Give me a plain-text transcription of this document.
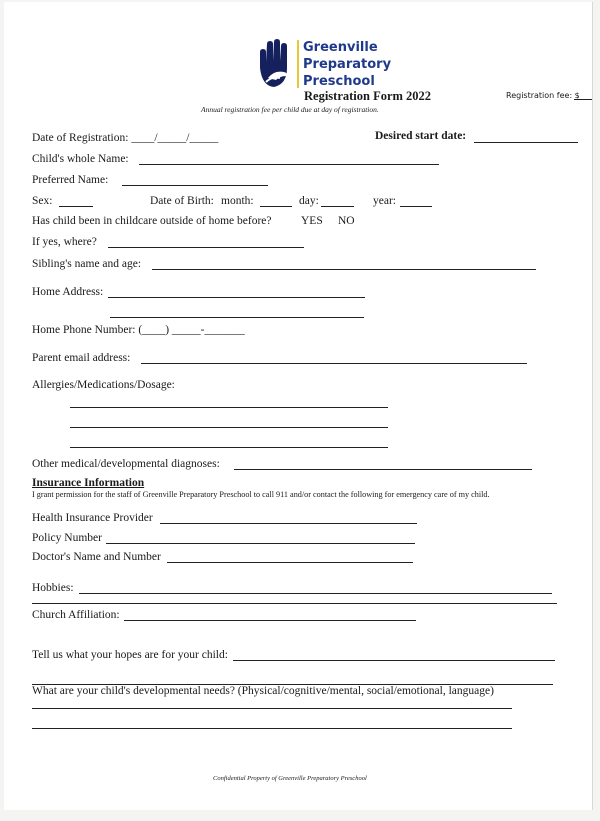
Greenville
Preparatory
Preschool
Registration Form 2022
Annual registration fee per child due at day of registration.
Registration fee: $
Date of Registration: ____/_____/_____	Desired start date:
Child's whole Name:
Preferred Name:
Sex:	Date of Birth: month:	day:	year:
Has child been in childcare outside of home before?	YES NO
If yes, where?
Sibling's name and age:
Home Address:
Home Phone Number: (____) _____-_______
Parent email address:
Allergies/Medications/Dosage:
Other medical/developmental diagnoses:
Insurance Information
I grant permission for the staff of Greenville Preparatory Preschool to call 911 and/or contact the following for emergency care of my child.
Health Insurance Provider
Policy Number
Doctor's Name and Number
Hobbies:
Church Affiliation:
Tell us what your hopes are for your child:
What are your child's developmental needs? (Physical/cognitive/mental, social/emotional, language)
Confidential Property of Greenville Preparatory Preschool
